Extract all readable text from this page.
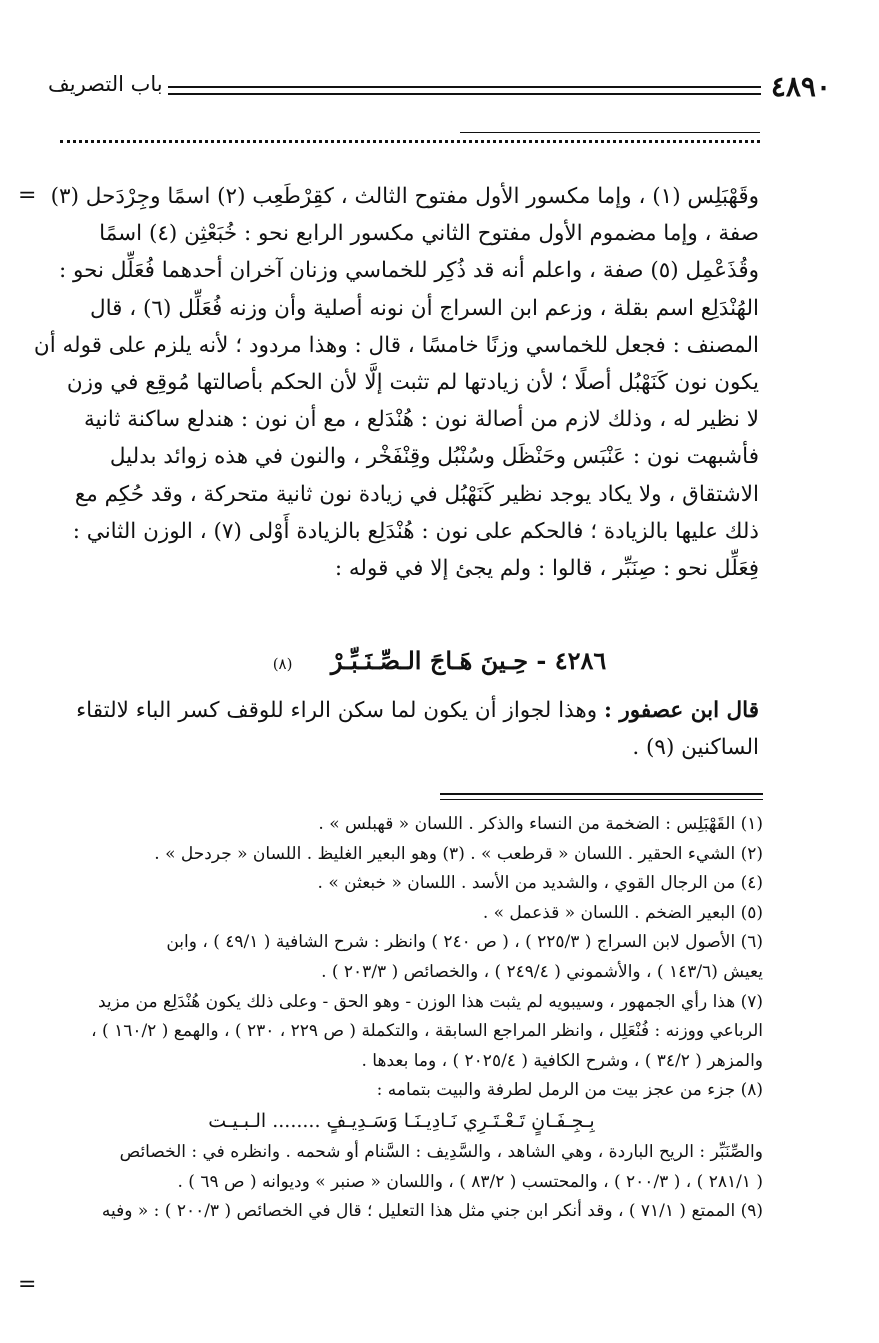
٤٨٩٠
باب التصريف
= وقَهْبَلِس (١) ، وإما مكسور الأول مفتوح الثالث ، كقِرْطَعِب (٢) اسمًا وجِرْدَحل (٣)
صفة ، وإما مضموم الأول مفتوح الثاني مكسور الرابع نحو : خُبَعْثِن (٤) اسمًا
وقُذَعْمِل (٥) صفة ، واعلم أنه قد ذُكِر للخماسي وزنان آخران أحدهما فُعَلِّل نحو :
الهُنْدَلِع اسم بقلة ، وزعم ابن السراج أن نونه أصلية وأن وزنه فُعَلِّل (٦) ، قال
المصنف : فجعل للخماسي وزنًا خامسًا ، قال : وهذا مردود ؛ لأنه يلزم على قوله أن
يكون نون كَنَهْبُل أصلًا ؛ لأن زيادتها لم تثبت إلَّا لأن الحكم بأصالتها مُوقِع في وزن
لا نظير له ، وذلك لازم من أصالة نون : هُنْدَلع ، مع أن نون : هندلع ساكنة ثانية
فأشبهت نون : عَنْبَس وحَنْظَل وسُنْبُل وقِنْفَخْر ، والنون في هذه زوائد بدليل
الاشتقاق ، ولا يكاد يوجد نظير كَنَهْبُل في زيادة نون ثانية متحركة ، وقد حُكِم مع
ذلك عليها بالزيادة ؛ فالحكم على نون : هُنْدَلِع بالزيادة أَوْلى (٧) ، الوزن الثاني :
فِعَلِّل نحو : صِنَبِّر ، قالوا : ولم يجئ إلا في قوله :
٤٢٨٦ - حِـينَ هَـاجَ الـصِّـنَـبِّـرْ (٨)
قال ابن عصفور : وهذا لجواز أن يكون لما سكن الراء للوقف كسر الباء لالتقاء
الساكنين (٩) .
(١) القَهْبَلِس : الضخمة من النساء والذكر . اللسان « قهبلس » .
(٢) الشيء الحقير . اللسان « قرطعب » . (٣) وهو البعير الغليظ . اللسان « جردحل » .
(٤) من الرجال القوي ، والشديد من الأسد . اللسان « خبعثن » .
(٥) البعير الضخم . اللسان « قذعمل » .
(٦) الأصول لابن السراج ( ٢٢٥/٣ ) ، ( ص ٢٤٠ ) وانظر : شرح الشافية ( ٤٩/١ ) ، وابن
يعيش (١٤٣/٦ ) ، والأشموني ( ٢٤٩/٤ ) ، والخصائص ( ٢٠٣/٣ ) .
(٧) هذا رأي الجمهور ، وسيبويه لم يثبت هذا الوزن - وهو الحق - وعلى ذلك يكون هُنْدَلِع من مزيد
الرباعي ووزنه : فُنْعَلِل ، وانظر المراجع السابقة ، والتكملة ( ص ٢٢٩ ، ٢٣٠ ) ، والهمع ( ١٦٠/٢ ) ،
والمزهر ( ٣٤/٢ ) ، وشرح الكافية ( ٢٠٢٥/٤ ) ، وما بعدها .
(٨) جزء من عجز بيت من الرمل لطرفة والبيت بتمامه :
بِـجِـفَـانٍ تَـعْـتَـرِي نَـادِيـنَـا وَسَـدِيـفٍ ........ الـبـيـت
والصِّنَبِّر : الريح الباردة ، وهي الشاهد ، والسَّدِيف : السَّنام أو شحمه . وانظره في : الخصائص
( ٢٨١/١ ) ، ( ٢٠٠/٣ ) ، والمحتسب ( ٨٣/٢ ) ، واللسان « صنبر » وديوانه ( ص ٦٩ ) .
(٩) الممتع ( ٧١/١ ) ، وقد أنكر ابن جني مثل هذا التعليل ؛ قال في الخصائص ( ٢٠٠/٣ ) : « وفيه
=
